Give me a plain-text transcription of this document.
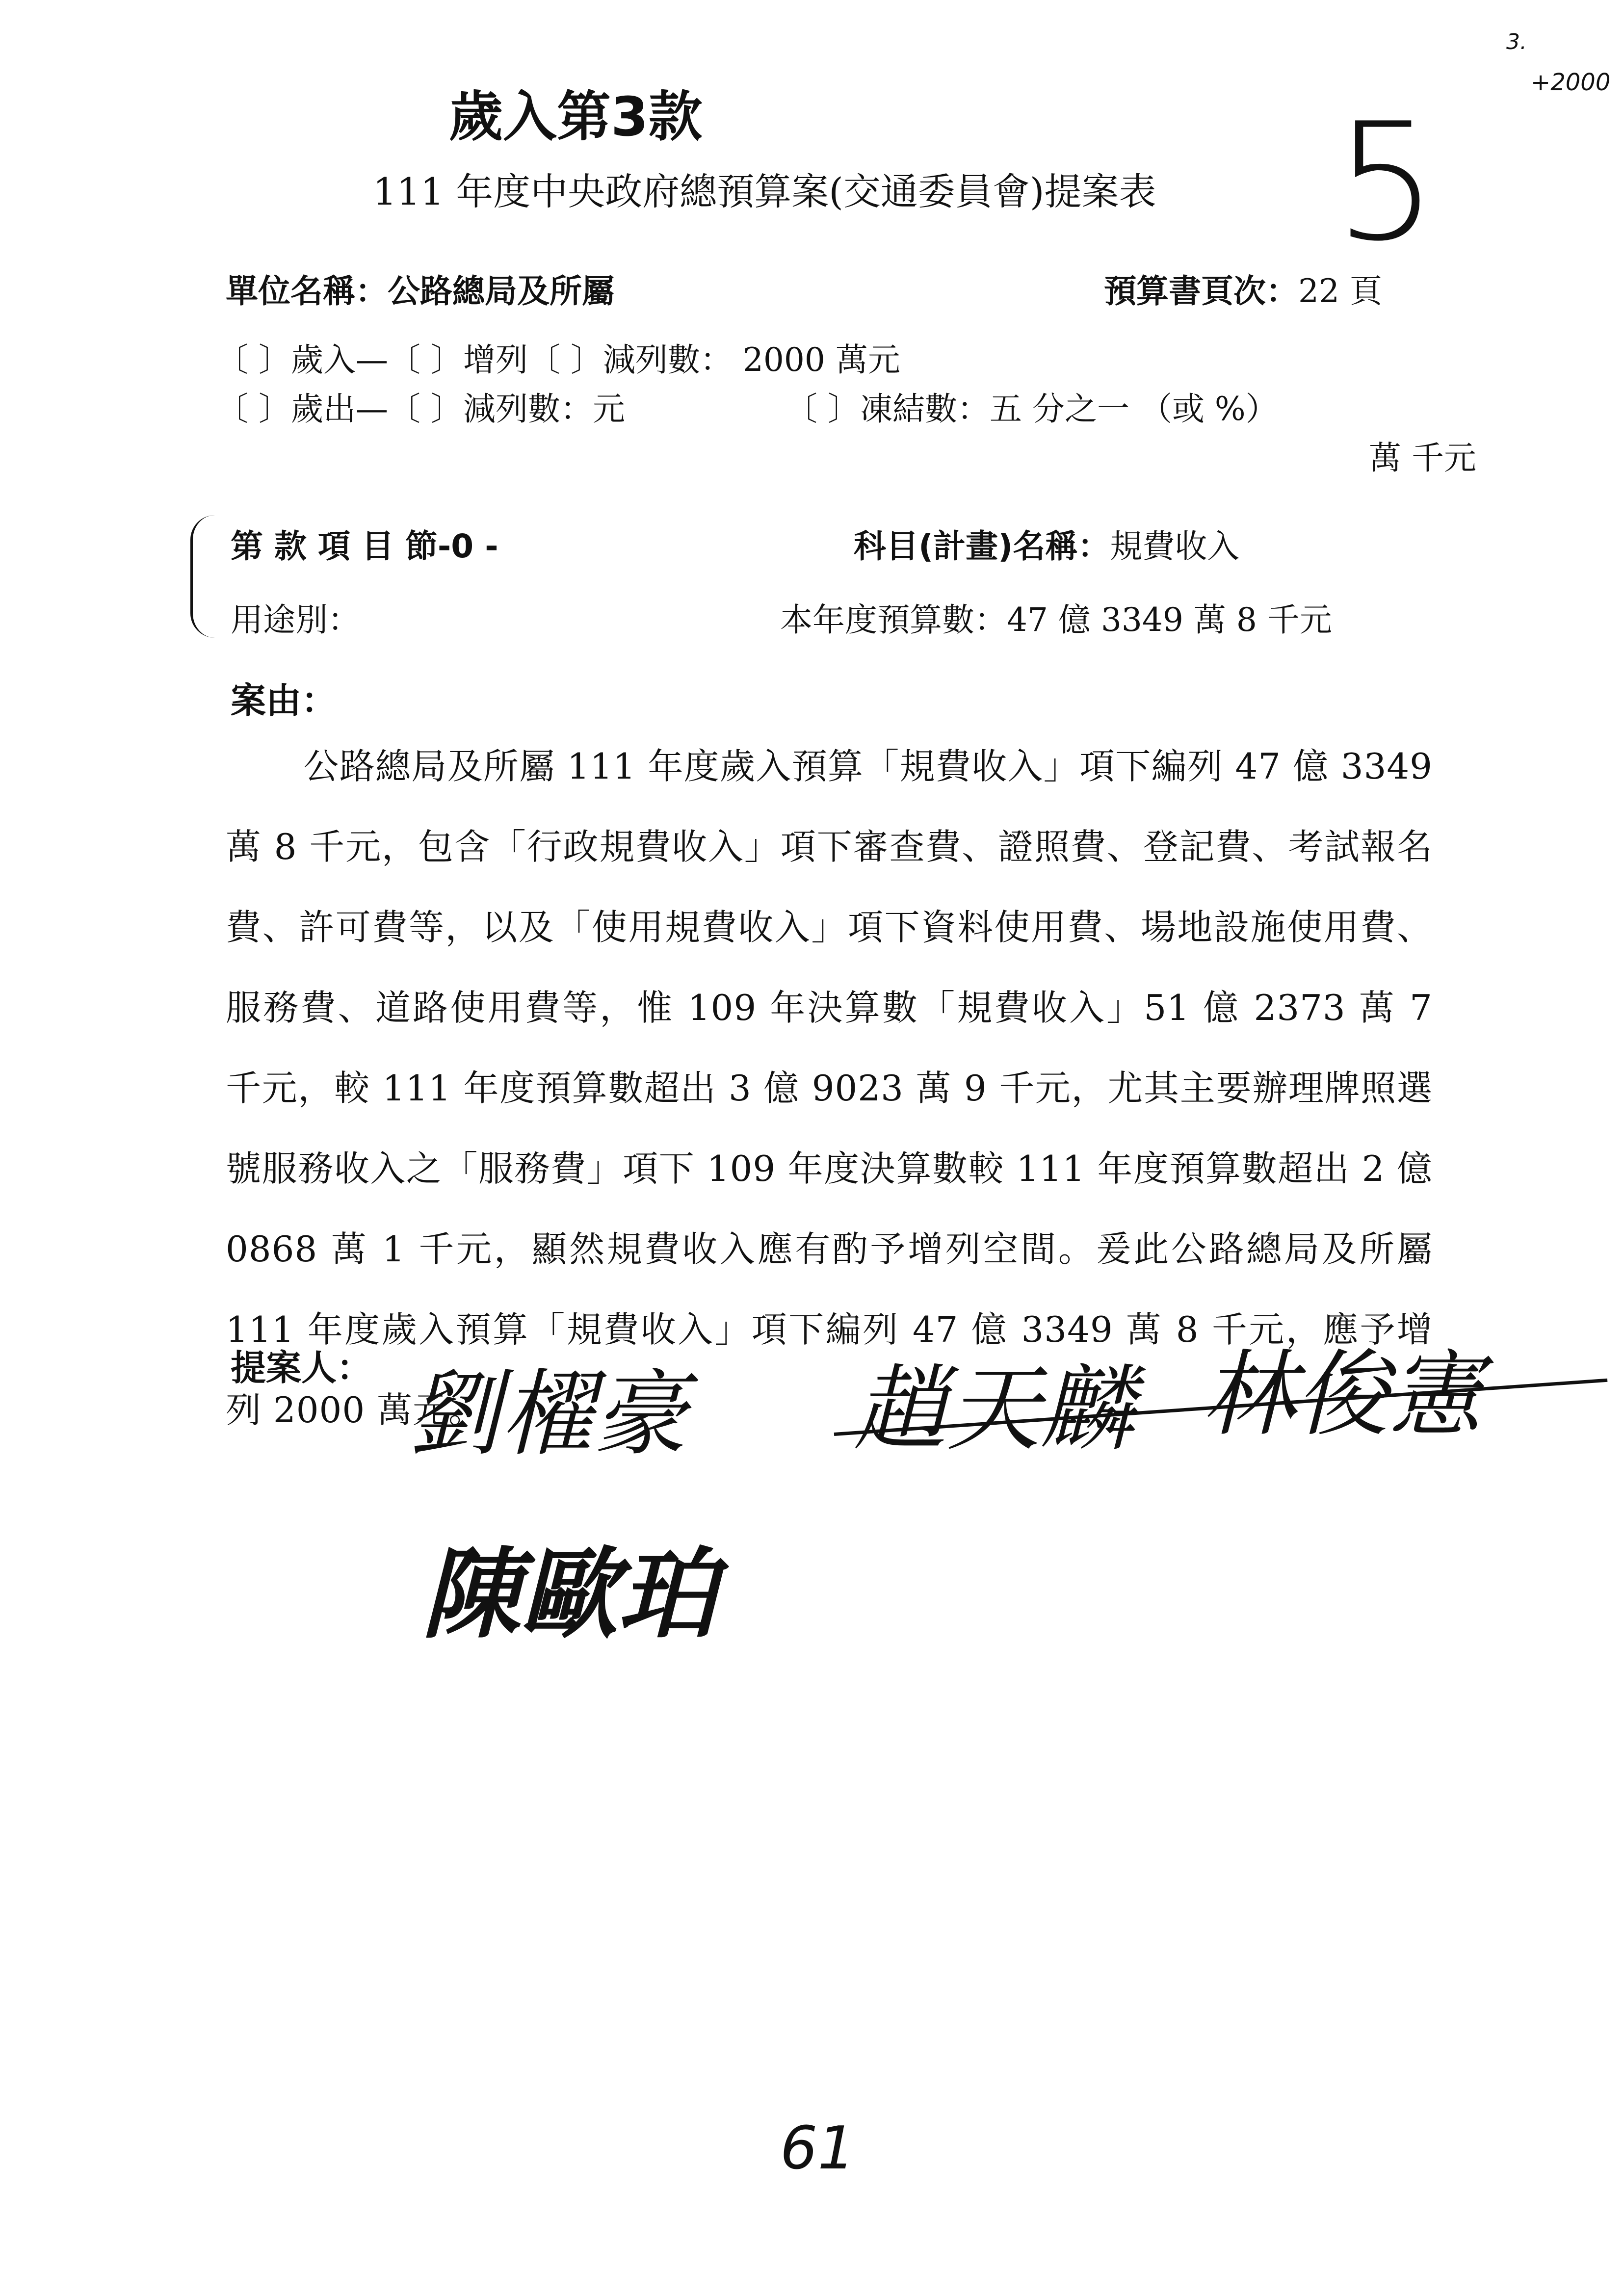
歲入第3款
111 年度中央政府總預算案(交通委員會)提案表 5
3.
+2000
單位名稱：公路總局及所屬	預算書頁次：22 頁
〔 〕歲入—〔 〕增列〔 〕減列數： 2000 萬元
〔 〕歲出—〔 〕減列數：元	〔 〕凍結數：五 分之一 （或 %）
萬 千元
第 款 項 目 節-0 -	科目(計畫)名稱：規費收入
用途別：	本年度預算數：47 億 3349 萬 8 千元
案由：
公路總局及所屬 111 年度歲入預算「規費收入」項下編列 47 億 3349 萬 8 千元，包含「行政規費收入」項下審查費、證照費、登記費、考試報名費、許可費等，以及「使用規費收入」項下資料使用費、場地設施使用費、服務費、道路使用費等，惟 109 年決算數「規費收入」51 億 2373 萬 7 千元，較 111 年度預算數超出 3 億 9023 萬 9 千元，尤其主要辦理牌照選號服務收入之「服務費」項下 109 年度決算數較 111 年度預算數超出 2 億 0868 萬 1 千元，顯然規費收入應有酌予增列空間。爰此公路總局及所屬 111 年度歲入預算「規費收入」項下編列 47 億 3349 萬 8 千元，應予增列 2000 萬元。
提案人： 劉櫂豪 趙天麟 林俊憲
陳歐珀
61
